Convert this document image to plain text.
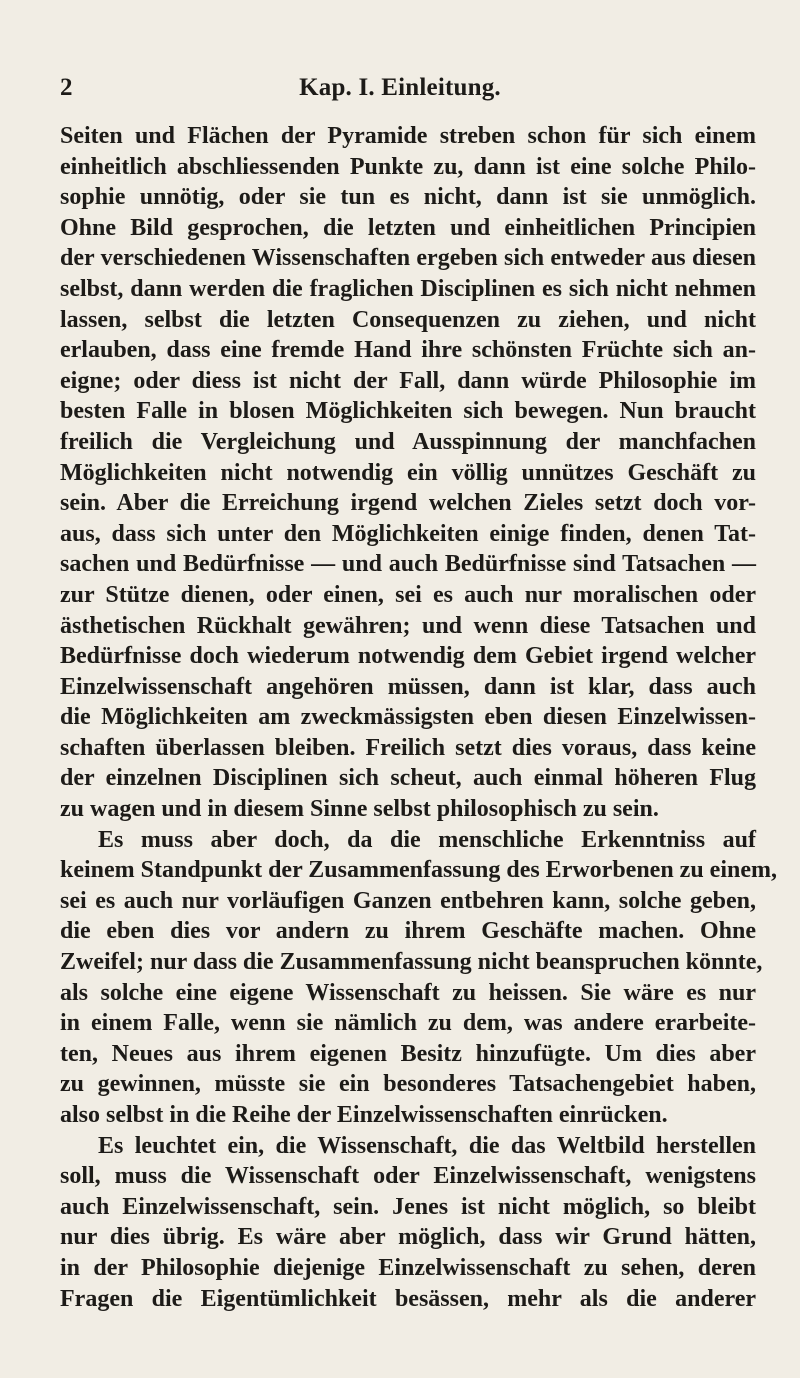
2	Kap. I. Einleitung.
Seiten und Flächen der Pyramide streben schon für sich einem
einheitlich abschliessenden Punkte zu, dann ist eine solche Philo-
sophie unnötig, oder sie tun es nicht, dann ist sie unmöglich.
Ohne Bild gesprochen, die letzten und einheitlichen Principien
der verschiedenen Wissenschaften ergeben sich entweder aus diesen
selbst, dann werden die fraglichen Disciplinen es sich nicht nehmen
lassen, selbst die letzten Consequenzen zu ziehen, und nicht
erlauben, dass eine fremde Hand ihre schönsten Früchte sich an-
eigne; oder diess ist nicht der Fall, dann würde Philosophie im
besten Falle in blosen Möglichkeiten sich bewegen. Nun braucht
freilich die Vergleichung und Ausspinnung der manchfachen
Möglichkeiten nicht notwendig ein völlig unnützes Geschäft zu
sein. Aber die Erreichung irgend welchen Zieles setzt doch vor-
aus, dass sich unter den Möglichkeiten einige finden, denen Tat-
sachen und Bedürfnisse — und auch Bedürfnisse sind Tatsachen —
zur Stütze dienen, oder einen, sei es auch nur moralischen oder
ästhetischen Rückhalt gewähren; und wenn diese Tatsachen und
Bedürfnisse doch wiederum notwendig dem Gebiet irgend welcher
Einzelwissenschaft angehören müssen, dann ist klar, dass auch
die Möglichkeiten am zweckmässigsten eben diesen Einzelwissen-
schaften überlassen bleiben. Freilich setzt dies voraus, dass keine
der einzelnen Disciplinen sich scheut, auch einmal höheren Flug
zu wagen und in diesem Sinne selbst philosophisch zu sein.
Es muss aber doch, da die menschliche Erkenntniss auf
keinem Standpunkt der Zusammenfassung des Erworbenen zu einem,
sei es auch nur vorläufigen Ganzen entbehren kann, solche geben,
die eben dies vor andern zu ihrem Geschäfte machen. Ohne
Zweifel; nur dass die Zusammenfassung nicht beanspruchen könnte,
als solche eine eigene Wissenschaft zu heissen. Sie wäre es nur
in einem Falle, wenn sie nämlich zu dem, was andere erarbeite-
ten, Neues aus ihrem eigenen Besitz hinzufügte. Um dies aber
zu gewinnen, müsste sie ein besonderes Tatsachengebiet haben,
also selbst in die Reihe der Einzelwissenschaften einrücken.
Es leuchtet ein, die Wissenschaft, die das Weltbild herstellen
soll, muss die Wissenschaft oder Einzelwissenschaft, wenigstens
auch Einzelwissenschaft, sein. Jenes ist nicht möglich, so bleibt
nur dies übrig. Es wäre aber möglich, dass wir Grund hätten,
in der Philosophie diejenige Einzelwissenschaft zu sehen, deren
Fragen die Eigentümlichkeit besässen, mehr als die anderer
